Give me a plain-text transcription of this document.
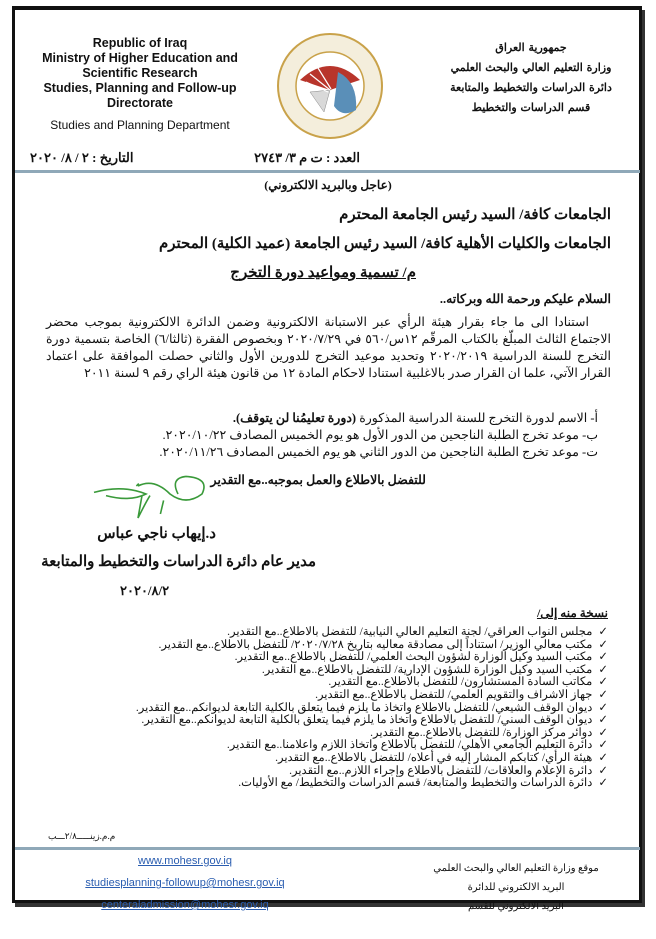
Republic of Iraq
Ministry of Higher Education and
Scientific Research
Studies, Planning and Follow-up
Directorate
Studies and Planning Department
جمهورية العراق
وزارة التعليم العالي والبحث العلمي
دائرة الدراسات والتخطيط والمتابعة
قسم الدراسات والتخطيط
العدد : ت م ٣/ ٢٧٤٣
التاريخ : ٢ / ٨/ ٢٠٢٠
(عاجل وبالبريد الالكتروني)
الجامعات كافة/ السيد رئيس الجامعة المحترم
الجامعات والكليات الأهلية كافة/ السيد رئيس الجامعة (عميد الكلية) المحترم
م/ تسمية ومواعيد دورة التخرج
السلام عليكم ورحمة الله وبركاته..
استنادا الى ما جاء بقرار هيئة الرأي عبر الاستبانة الالكترونية وضمن الدائرة الالكترونية بموجب محضر الاجتماع الثالث المبلّغ بالكتاب المرقّم ١٢س/٥٦٠ في ٢٠٢٠/٧/٢٩ وبخصوص الفقرة (ثالثا/٦) الخاصة بتسمية دورة التخرج للسنة الدراسية ٢٠٢٠/٢٠١٩ وتحديد موعيد التخرج للدورين الأول والثاني حصلت الموافقة على اعتماد القرار الآتي، علما ان القرار صدر بالاغلبية استنادا لاحكام المادة ١٢ من قانون هيئة الراي رقم ٩ لسنة ٢٠١١
أ- الاسم لدورة التخرج للسنة الدراسية المذكورة (دورة تعليمُنا لن يتوقف).
ب- موعد تخرج الطلبة الناجحين من الدور الأول هو يوم الخميس المصادف ٢٠٢٠/١٠/٢٢.
ت- موعد تخرج الطلبة الناجحين من الدور الثاني هو يوم الخميس المصادف ٢٠٢٠/١١/٢٦.
للتفضل بالاطلاع والعمل بموجبه..مع التقدير
د.إيهاب ناجي عباس
مدير عام دائرة الدراسات والتخطيط والمتابعة
٢٠٢٠/٨/٢
نسخة منه إلى/
✓مجلس النواب العراقي/ لجنة التعليم العالي النيابية/ للتفضل بالاطلاع..مع التقدير.
✓مكتب معالي الوزير/ استناداً إلى مصادقة معاليه بتاريخ ٢٠٢٠/٧/٢٨/ للتفضل بالاطلاع..مع التقدير.
✓مكتب السيد وكيل الوزارة لشؤون البحث العلمي/ للتفضل بالاطلاع..مع التقدير.
✓مكتب السيد وكيل الوزارة للشؤون الإدارية/ للتفضل بالاطلاع..مع التقدير.
✓مكاتب السادة المستشارون/ للتفضل بالاطلاع..مع التقدير.
✓جهاز الاشراف والتقويم العلمي/ للتفضل بالاطلاع..مع التقدير.
✓ديوان الوقف الشيعي/ للتفضل بالاطلاع واتخاذ ما يلزم فيما يتعلق بالكلية التابعة لديوانكم..مع التقدير.
✓ديوان الوقف السني/ للتفضل بالاطلاع واتخاذ ما يلزم فيما يتعلق بالكلية التابعة لديوانكم..مع التقدير.
✓دوائر مركز الوزارة/ للتفضل بالاطلاع..مع التقدير.
✓دائرة التعليم الجامعي الأهلي/ للتفضل بالاطلاع واتخاذ اللازم واعلامنا..مع التقدير.
✓هيئة الرأي/ كتابكم المشار إليه في أعلاه/ للتفضل بالاطلاع..مع التقدير.
✓دائرة الإعلام والعلاقات/ للتفضل بالاطلاع وإجراء اللازم..مع التقدير.
✓دائرة الدراسات والتخطيط والمتابعة/ قسم الدراسات والتخطيط/ مع الأوليات.
م.م.زينـــــ٢/٨ـــب
www.mohesr.gov.iq
studiesplanning-followup@mohesr.gov.iq
centeraladmission@mohesr.gov.iq
موقع وزارة التعليم العالي والبحث العلمي
البريد الالكتروني للدائرة
البريد الالكتروني للقسم
